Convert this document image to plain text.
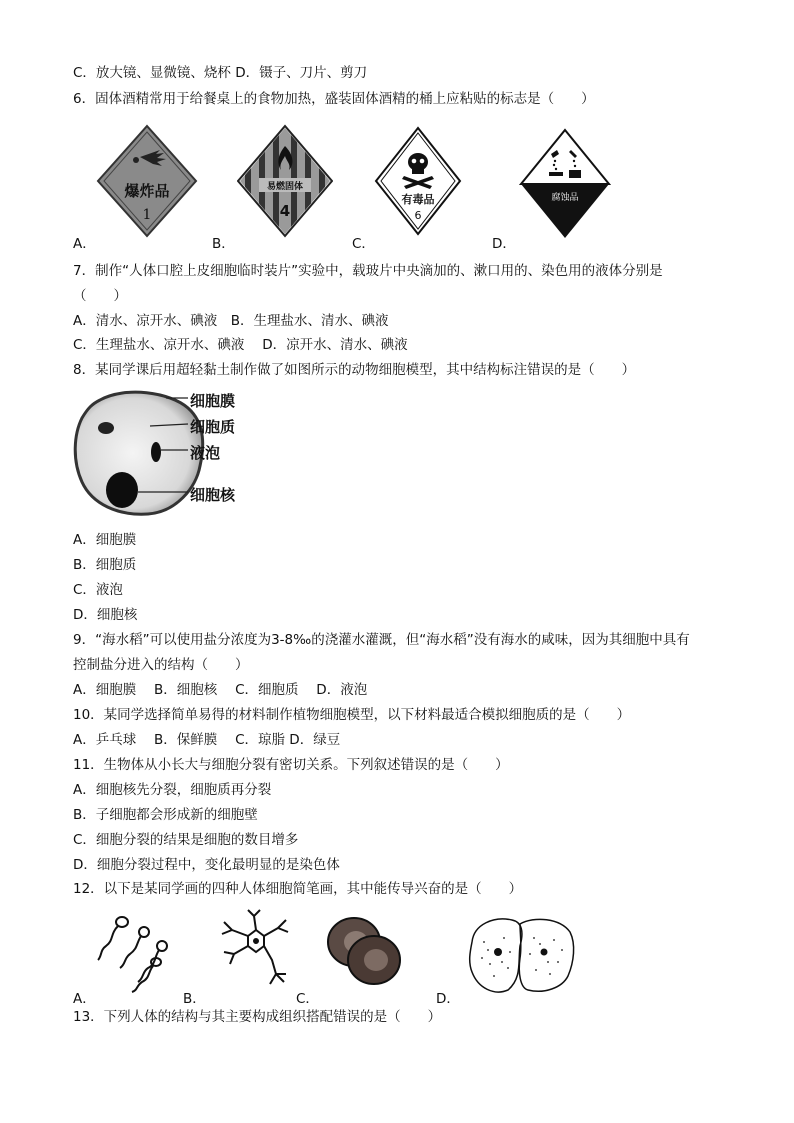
C．放大镜、显微镜、烧杯 D．镊子、刀片、剪刀
6．固体酒精常用于给餐桌上的食物加热，盛装固体酒精的桶上应粘贴的标志是（　　）
爆炸品
1
A．
易燃固体
4
B．
有毒品
6
C．
腐蚀品
D．
7．制作“人体口腔上皮细胞临时装片”实验中，载玻片中央滴加的、漱口用的、染色用的液体分别是
（　　）
A．清水、凉开水、碘液　B．生理盐水、清水、碘液
C．生理盐水、凉开水、碘液　 D．凉开水、清水、碘液
8．某同学课后用超轻黏土制作做了如图所示的动物细胞模型，其中结构标注错误的是（　　）
细胞膜
细胞质
液泡
细胞核
A．细胞膜
B．细胞质
C．液泡
D．细胞核
9．“海水稻”可以使用盐分浓度为3-8‰的浇灌水灌溉，但“海水稻”没有海水的咸味，因为其细胞中具有
控制盐分进入的结构（　　）
A．细胞膜　 B．细胞核　 C．细胞质　 D．液泡
10．某同学选择简单易得的材料制作植物细胞模型，以下材料最适合模拟细胞质的是（　　）
A．乒乓球　 B．保鲜膜　 C．琼脂 D．绿豆
11．生物体从小长大与细胞分裂有密切关系。下列叙述错误的是（　　）
A．细胞核先分裂，细胞质再分裂
B．子细胞都会形成新的细胞壁
C．细胞分裂的结果是细胞的数目增多
D．细胞分裂过程中，变化最明显的是染色体
12．以下是某同学画的四种人体细胞简笔画，其中能传导兴奋的是（　　）
A．	B．	C．	D．
13．下列人体的结构与其主要构成组织搭配错误的是（　　）
